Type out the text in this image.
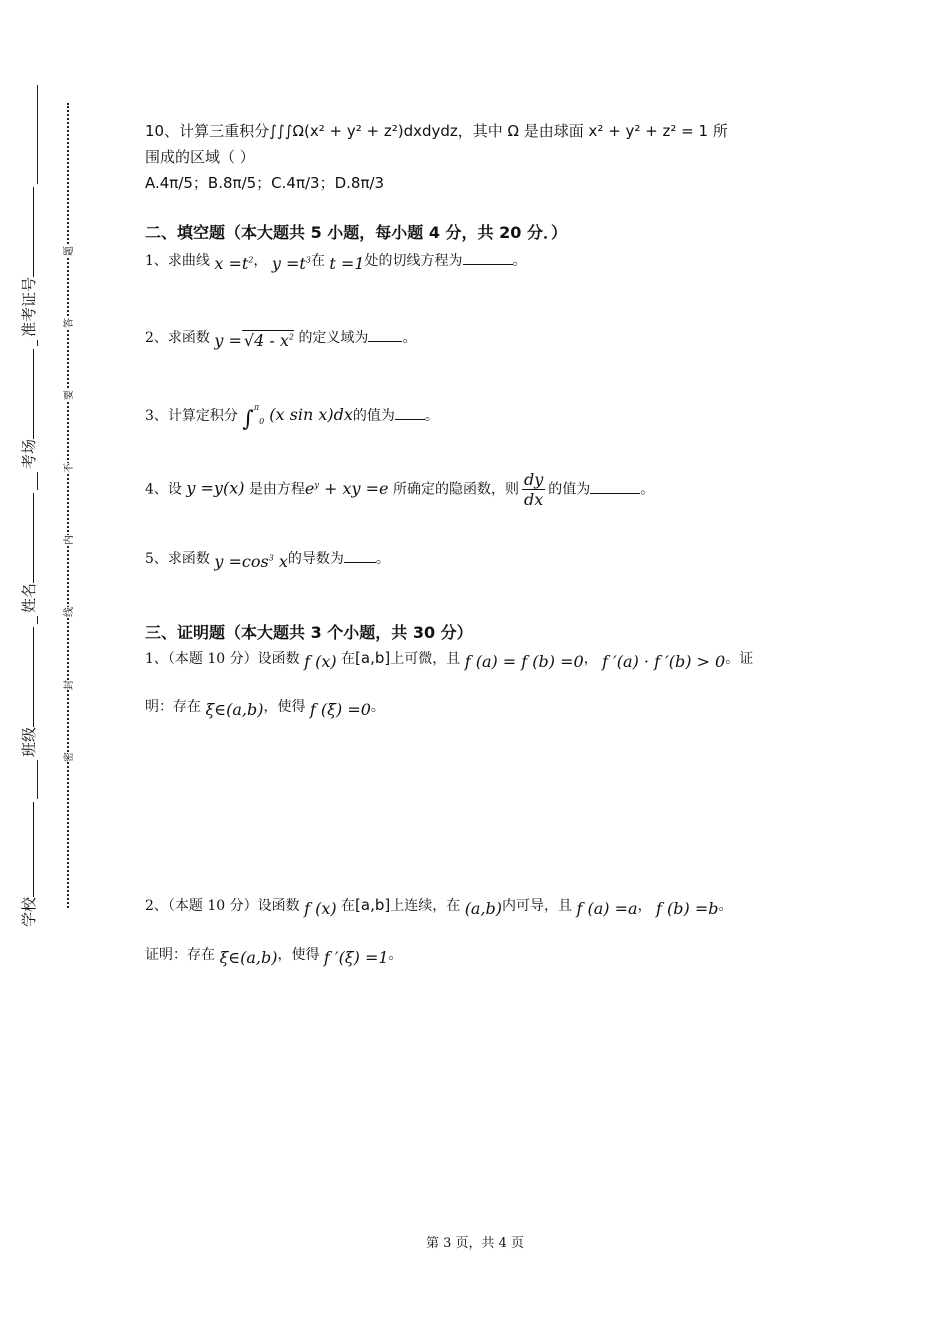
学校
班级
姓名
考场
准考证号
密
封
线
内
不
要
答
题
10、计算三重积分∫∫∫Ω(x² + y² + z²)dxdydz，其中 Ω 是由球面 x² + y² + z² = 1 所
围成的区域（ ）
A.4π/5；B.8π/5；C.4π/3；D.8π/3
二、填空题（本大题共 5 小题，每小题 4 分，共 20 分．）
1、求曲线 $x =t^2$， $y =t^3$在 t =1处的切线方程为	。
2、求函数 $y = √4 - x^2$ 的定义域为 。
3、计算定积分 ∫$^\pi_0$ (x sin x)dx的值为 。
4、设 y =y(x) 是由方程$e^y$ + xy =e 所确定的隐函数，则 $\frac{dy}{dx}$ 的值为	。
5、求函数 $y =\cos^3$ x的导数为 。
三、证明题（本大题共 3 个小题，共 30 分）
1、（本题 10 分）设函数 f (x) 在[a,b]上可微，且 f (a) = f (b) =0， f ′(a) · f ′(b) > 0。证
明：存在 ξ∈(a,b)，使得 f (ξ) =0。
2、（本题 10 分）设函数 f (x) 在[a,b]上连续，在 (a,b)内可导，且 f (a) =a， f (b) =b。
证明：存在 ξ∈(a,b)，使得 f ′(ξ) =1。
第 3 页，共 4 页
